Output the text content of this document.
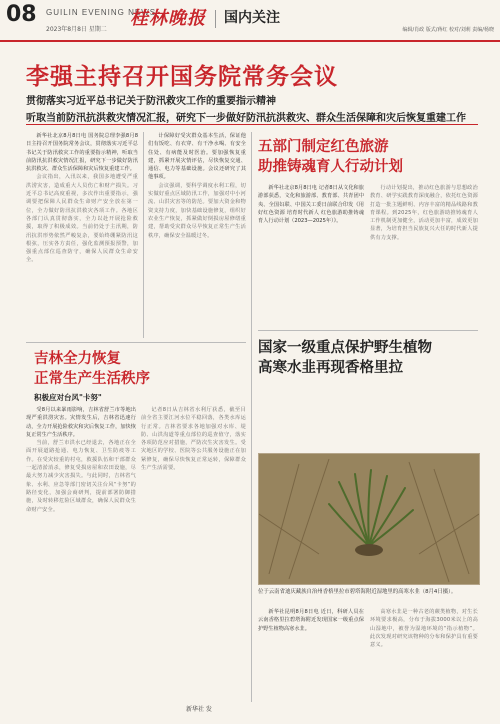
08 GUILIN EVENING NEWS
2023年8月8日 星期二
桂林晚报 国内关注
编辑/肖政 版式/蒋红 校对/刘莉 责编/杨晓
李强主持召开国务院常务会议
贯彻落实习近平总书记关于防汛救灾工作的重要指示精神
听取当前防汛抗洪救灾情况汇报，研究下一步做好防汛抗洪救灾、群众生活保障和灾后恢复重建工作

新华社北京8月8日电 国务院总理李强8月8日主持召开国务院常务会议，贯彻落实习近平总书记关于防汛救灾工作的重要指示精神，听取当前防汛抗洪救灾情况汇报，研究下一步做好防汛抗洪救灾、群众生活保障和灾后恢复重建工作。

会议指出，入汛以来，我国多地遭受严重洪涝灾害，造成重大人员伤亡和财产损失。习近平总书记高度重视，多次作出重要指示，强调要把保障人民群众生命财产安全放在第一位，全力做好防汛抗洪救灾各项工作。各地区各部门认真贯彻落实，全力以赴开展抢险救援，取得了积极成效。当前仍处于主汛期，防汛抗洪形势依然严峻复杂，要始终绷紧防汛这根弦，压实各方责任，强化监测预报预警，加强重点部位巡查防守，确保人民群众生命安全。

计保障好受灾群众基本生活，保证他们有饭吃、有衣穿、有干净水喝、有安全住处、有病能及时医治。要加强恢复重建，抓紧开展灾情评估，尽快恢复交通、通信、电力等基础设施。会议还研究了其他事项。

会议强调，要科学调度水利工程，切实做好重点区域防汛工作，加强对中小河流、山洪灾害等的防范。要加大资金和物资支持力度，加快基础设施修复，组织好农业生产恢复，抓紧做好倒损房屋修缮重建，帮助受灾群众尽早恢复正常生产生活秩序，确保安全温暖过冬。

吉林全力恢复
正常生产生活秩序
积极应对台风"卡努"

受8月以来暴雨影响，吉林省舒兰市等地出现严重洪涝灾害。灾情发生后，吉林省迅速行动，全力开展抢险救灾和灾后恢复工作，加快恢复正常生产生活秩序。

当前，舒兰市洪水已经退去，各地正在全面开展道路抢通、电力恢复、卫生防疫等工作。在受灾较重的村屯，救援队伍和干部群众一起清淤消杀，修复受损房屋和农田设施，尽最大努力减少灾害损失。与此同时，吉林省气象、水利、应急等部门密切关注台风“卡努”的路径变化，加强会商研判，提前部署防御措施，及时转移危险区域群众，确保人民群众生命财产安全。

记者8日从吉林省水利厅获悉，截至目前全省主要江河水位平稳回落，各类水库运行正常。吉林省要求各地加强对水库、堤防、山洪沟道等重点部位的巡查值守，落实各项防范应对措施，严防次生灾害发生。受灾地区的学校、医院等公共服务设施正在加紧修复，确保尽快恢复正常运转，保障群众生产生活需要。

五部门制定红色旅游
助推铸魂育人行动计划

新华社北京8月8日电 记者8日从文化和旅游部获悉，文化和旅游部、教育部、共青团中央、全国妇联、中国关工委日前联合印发《用好红色资源 培育时代新人 红色旅游助推铸魂育人行动计划（2023—2025年）》。

行动计划提出，推动红色旅游与思想政治教育、研学实践教育深度融合，依托红色资源打造一批主题鲜明、内容丰富的精品线路和教育课程。到2025年，红色旅游助推铸魂育人工作机制更加健全，活动更加丰富，成效更加显著，为培育担当民族复兴大任的时代新人提供有力支撑。

国家一级重点保护野生植物
高寒水韭再现香格里拉
位于云南省迪庆藏族自治州香格里拉市碧塔海附近湿地里的高寒水韭（8月4日摄）。

新华社昆明8月8日电 近日，科研人员在云南香格里拉碧塔海附近发现国家一级重点保护野生植物高寒水韭。

高寒水韭是一种古老的蕨类植物，对生长环境要求极高，分布于海拔3000米以上的高山湿地中，被誉为湿地环境的“指示植物”。此次发现对研究该物种的分布和保护具有重要意义。

新华社 发
